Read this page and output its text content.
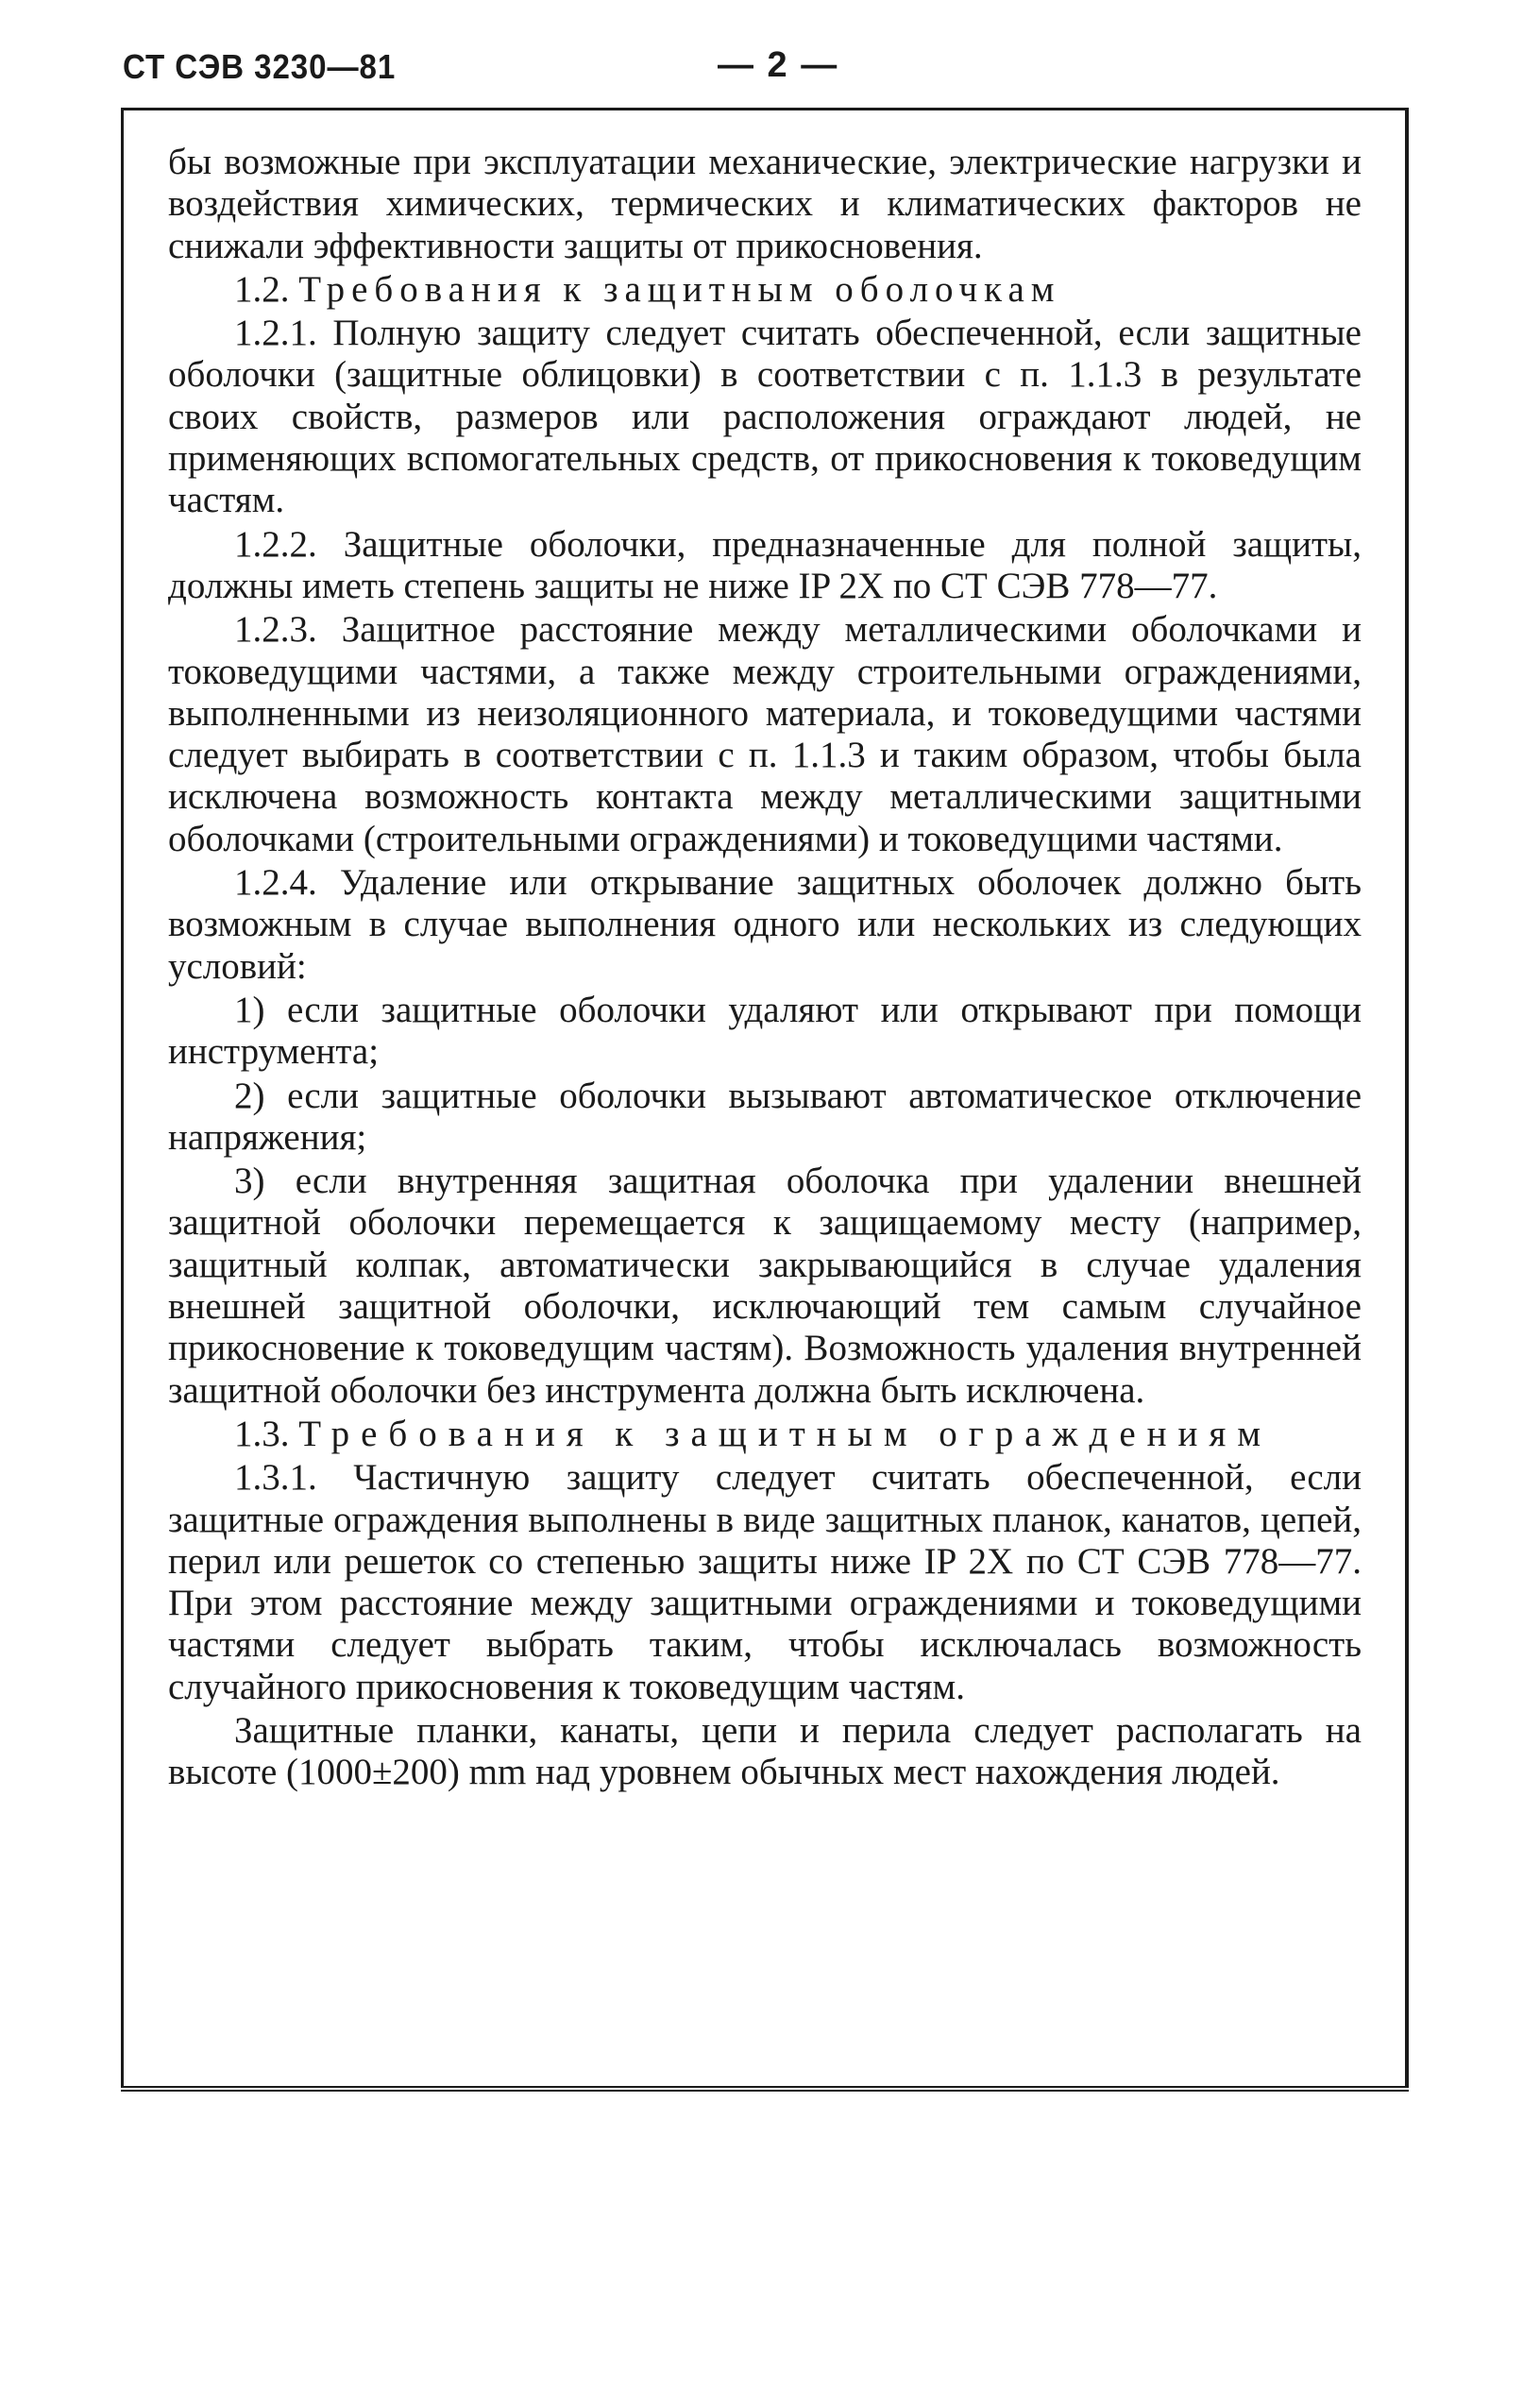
СТ СЭВ 3230—81	— 2 —

бы возможные при эксплуатации механические, электрические нагрузки и воздействия химических, термических и климатических факторов не снижали эффективности защиты от прикосновения.

1.2. Требования к защитным оболочкам

1.2.1. Полную защиту следует считать обеспеченной, если защитные оболочки (защитные облицовки) в соответствии с п. 1.1.3 в результате своих свойств, размеров или расположения ограждают людей, не применяющих вспомогательных средств, от прикосновения к токоведущим частям.

1.2.2. Защитные оболочки, предназначенные для полной защиты, должны иметь степень защиты не ниже IP 2X по СТ СЭВ 778—77.

1.2.3. Защитное расстояние между металлическими оболочками и токоведущими частями, а также между строительными ограждениями, выполненными из неизоляционного материала, и токоведущими частями следует выбирать в соответствии с п. 1.1.3 и таким образом, чтобы была исключена возможность контакта между металлическими защитными оболочками (строительными ограждениями) и токоведущими частями.

1.2.4. Удаление или открывание защитных оболочек должно быть возможным в случае выполнения одного или нескольких из следующих условий:

1) если защитные оболочки удаляют или открывают при помощи инструмента;

2) если защитные оболочки вызывают автоматическое отключение напряжения;

3) если внутренняя защитная оболочка при удалении внешней защитной оболочки перемещается к защищаемому месту (например, защитный колпак, автоматически закрывающийся в случае удаления внешней защитной оболочки, исключающий тем самым случайное прикосновение к токоведущим частям). Возможность удаления внутренней защитной оболочки без инструмента должна быть исключена.

1.3. Требования к защитным ограждениям

1.3.1. Частичную защиту следует считать обеспеченной, если защитные ограждения выполнены в виде защитных планок, канатов, цепей, перил или решеток со степенью защиты ниже IP 2X по СТ СЭВ 778—77. При этом расстояние между защитными ограждениями и токоведущими частями следует выбрать таким, чтобы исключалась возможность случайного прикосновения к токоведущим частям.

Защитные планки, канаты, цепи и перила следует располагать на высоте (1000±200) mm над уровнем обычных мест нахождения людей.
